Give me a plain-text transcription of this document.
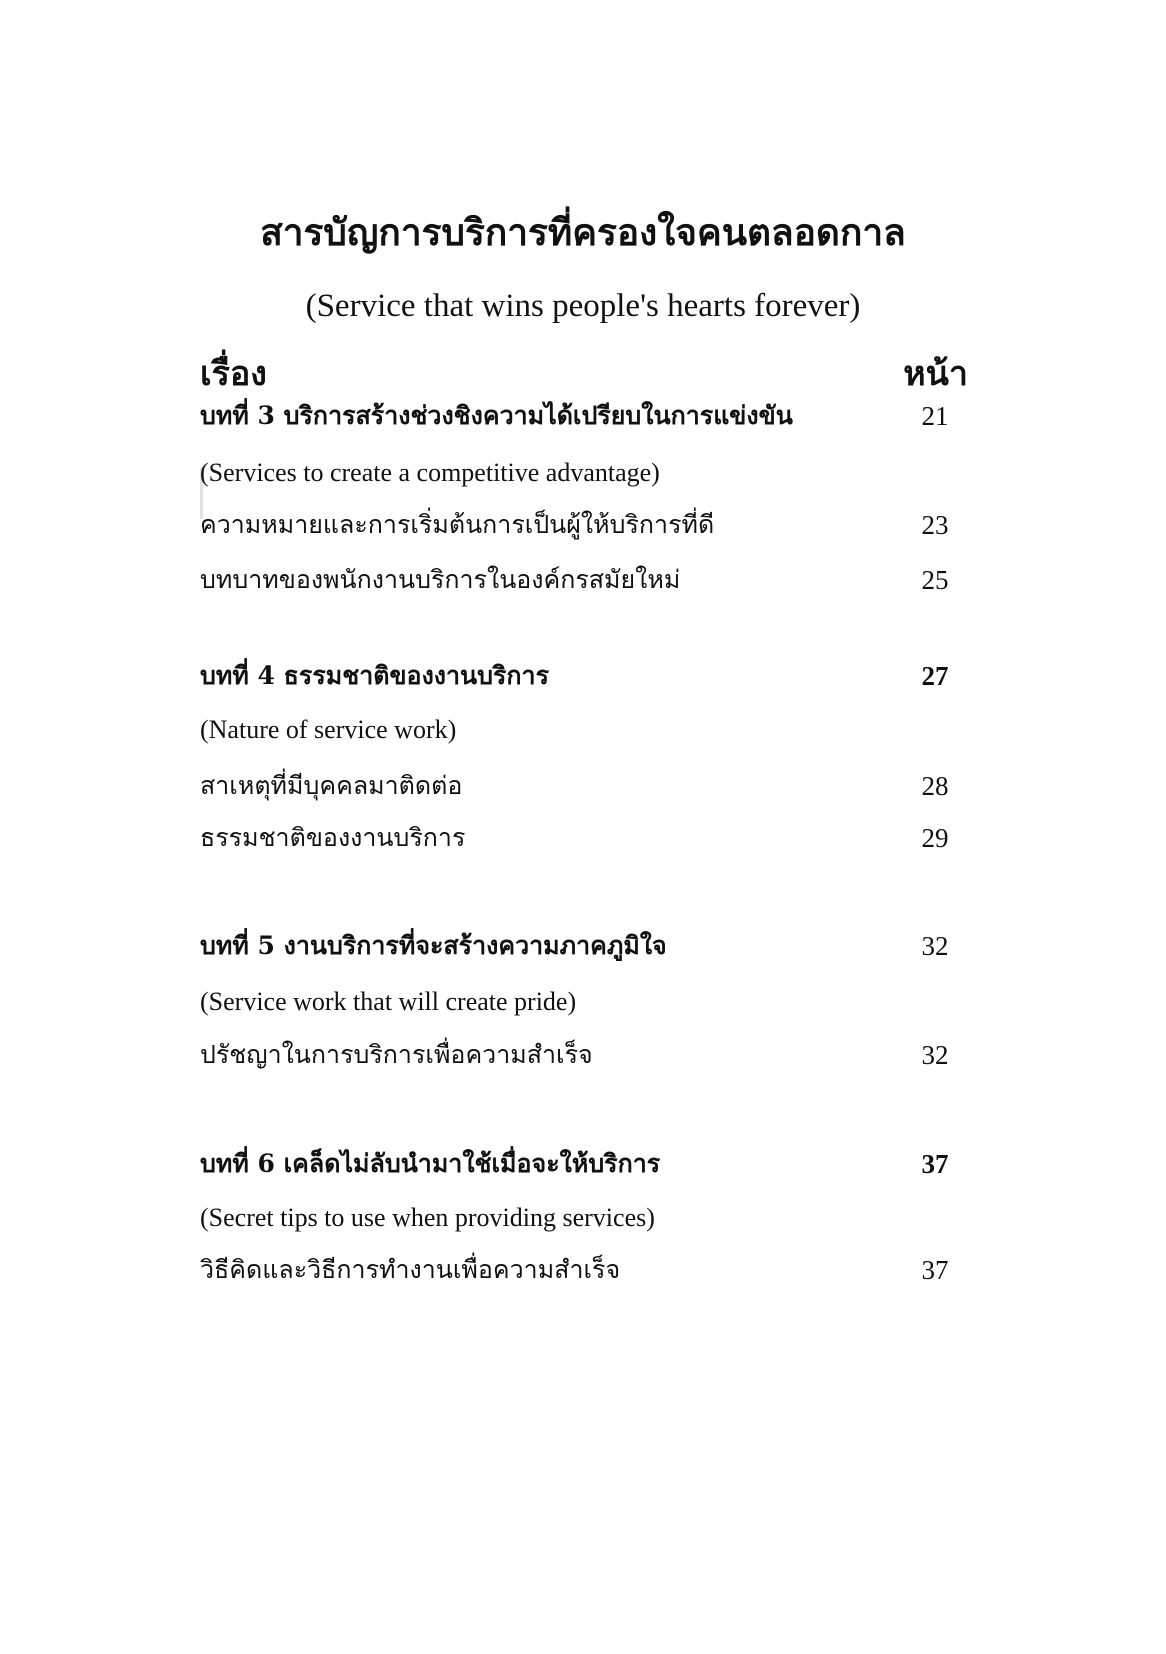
สารบัญการบริการที่ครองใจคนตลอดกาล
(Service that wins people's hearts forever)
เรื่อง	หน้า
บทที่ 3 บริการสร้างช่วงชิงความได้เปรียบในการแข่งขัน	21
(Services to create a competitive advantage)
ความหมายและการเริ่มต้นการเป็นผู้ให้บริการที่ดี	23
บทบาทของพนักงานบริการในองค์กรสมัยใหม่	25
บทที่ 4 ธรรมชาติของงานบริการ	27
(Nature of service work)
สาเหตุที่มีบุคคลมาติดต่อ	28
ธรรมชาติของงานบริการ	29
บทที่ 5 งานบริการที่จะสร้างความภาคภูมิใจ	32
(Service work that will create pride)
ปรัชญาในการบริการเพื่อความสำเร็จ	32
บทที่ 6 เคล็ดไม่ลับนำมาใช้เมื่อจะให้บริการ	37
(Secret tips to use when providing services)
วิธีคิดและวิธีการทำงานเพื่อความสำเร็จ	37
